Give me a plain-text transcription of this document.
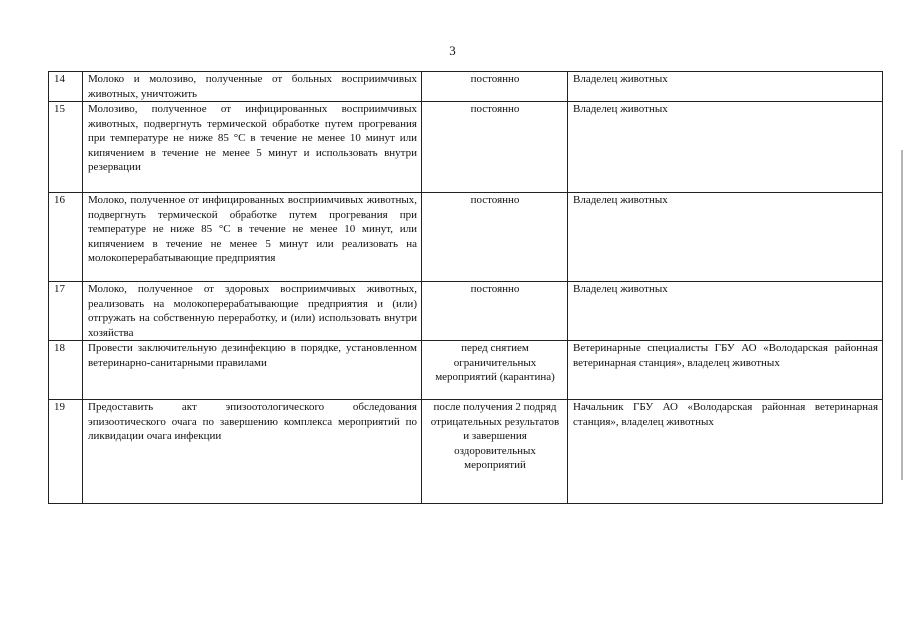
3
14	Молоко и молозиво, полученные от больных восприимчивых животных, уничтожить	постоянно	Владелец животных
15	Молозиво, полученное от инфицированных восприимчивых животных, подвергнуть термической обработке путем прогревания при температуре не ниже 85 °С в течение не менее 10 минут или кипячением в течение не менее 5 минут и использовать внутри резервации	постоянно	Владелец животных
16	Молоко, полученное от инфицированных восприимчивых животных, подвергнуть термической обработке путем прогревания при температуре не ниже 85 °С в течение не менее 10 минут, или кипячением в течение не менее 5 минут или реализовать на молокоперерабатывающие предприятия	постоянно	Владелец животных
17	Молоко, полученное от здоровых восприимчивых животных, реализовать на молокоперерабатывающие предприятия и (или) отгружать на собственную переработку, и (или) использовать внутри хозяйства	постоянно	Владелец животных
18	Провести заключительную дезинфекцию в порядке, установленном ветеринарно-санитарными правилами	перед снятием ограничительных мероприятий (карантина)	Ветеринарные специалисты ГБУ АО «Володарская районная ветеринарная станция», владелец животных
19	Предоставить акт эпизоотологического обследования эпизоотического очага по завершению комплекса мероприятий по ликвидации очага инфекции	после получения 2 подряд отрицательных результатов и завершения оздоровительных мероприятий	Начальник ГБУ АО «Володарская районная ветеринарная станция», владелец животных
